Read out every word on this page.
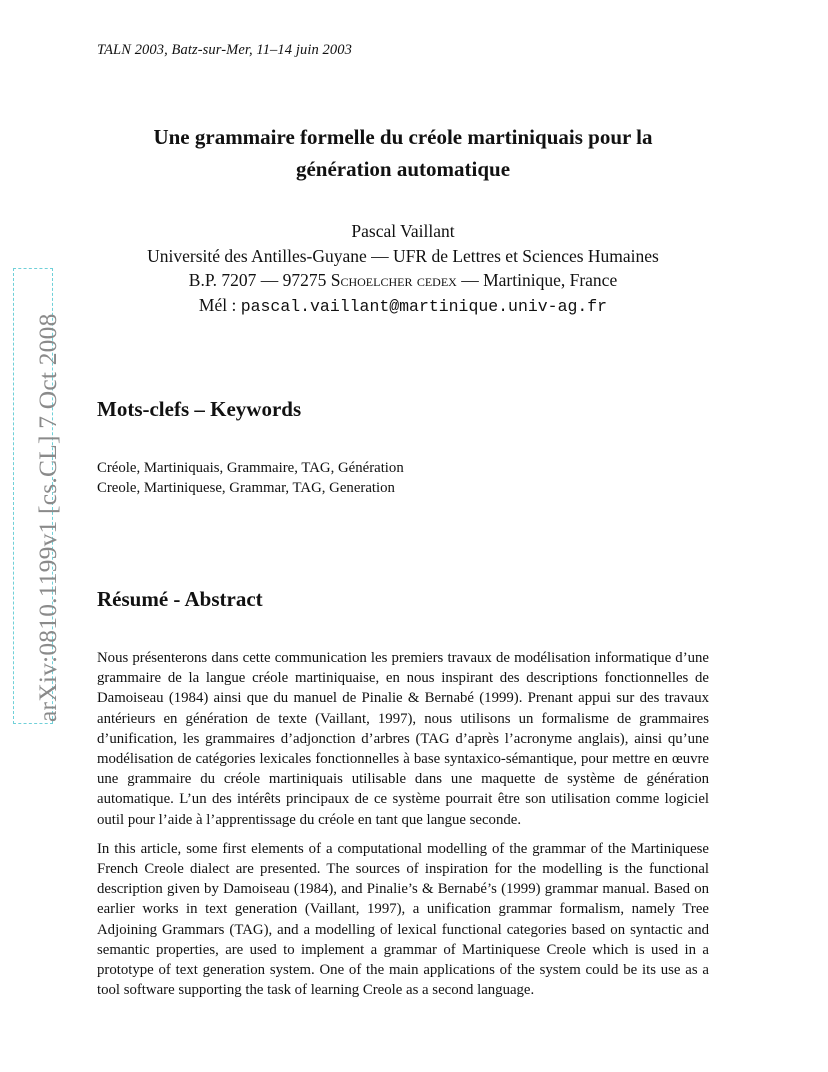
TALN 2003, Batz-sur-Mer, 11–14 juin 2003
Une grammaire formelle du créole martiniquais pour la
génération automatique
Pascal Vaillant
Université des Antilles-Guyane — UFR de Lettres et Sciences Humaines
B.P. 7207 — 97275 Schoelcher cedex — Martinique, France
Mél : pascal.vaillant@martinique.univ-ag.fr
Mots-clefs – Keywords
Créole, Martiniquais, Grammaire, TAG, Génération
Creole, Martiniquese, Grammar, TAG, Generation
Résumé - Abstract

Nous présenterons dans cette communication les premiers travaux de modélisation informatique d’une grammaire de la langue créole martiniquaise, en nous inspirant des descriptions fonctionnelles de Damoiseau (1984) ainsi que du manuel de Pinalie & Bernabé (1999). Prenant appui sur des travaux antérieurs en génération de texte (Vaillant, 1997), nous utilisons un formalisme de grammaires d’unification, les grammaires d’adjonction d’arbres (TAG d’après l’acronyme anglais), ainsi qu’une modélisation de catégories lexicales fonctionnelles à base syntaxico-sémantique, pour mettre en œuvre une grammaire du créole martiniquais utilisable dans une maquette de système de génération automatique. L’un des intérêts principaux de ce système pourrait être son utilisation comme logiciel outil pour l’aide à l’apprentissage du créole en tant que langue seconde.

In this article, some first elements of a computational modelling of the grammar of the Martiniquese French Creole dialect are presented. The sources of inspiration for the modelling is the functional description given by Damoiseau (1984), and Pinalie’s & Bernabé’s (1999) grammar manual. Based on earlier works in text generation (Vaillant, 1997), a unification grammar formalism, namely Tree Adjoining Grammars (TAG), and a modelling of lexical functional categories based on syntactic and semantic properties, are used to implement a grammar of Martiniquese Creole which is used in a prototype of text generation system. One of the main applications of the system could be its use as a tool software supporting the task of learning Creole as a second language.

arXiv:0810.1199v1 [cs.CL] 7 Oct 2008
